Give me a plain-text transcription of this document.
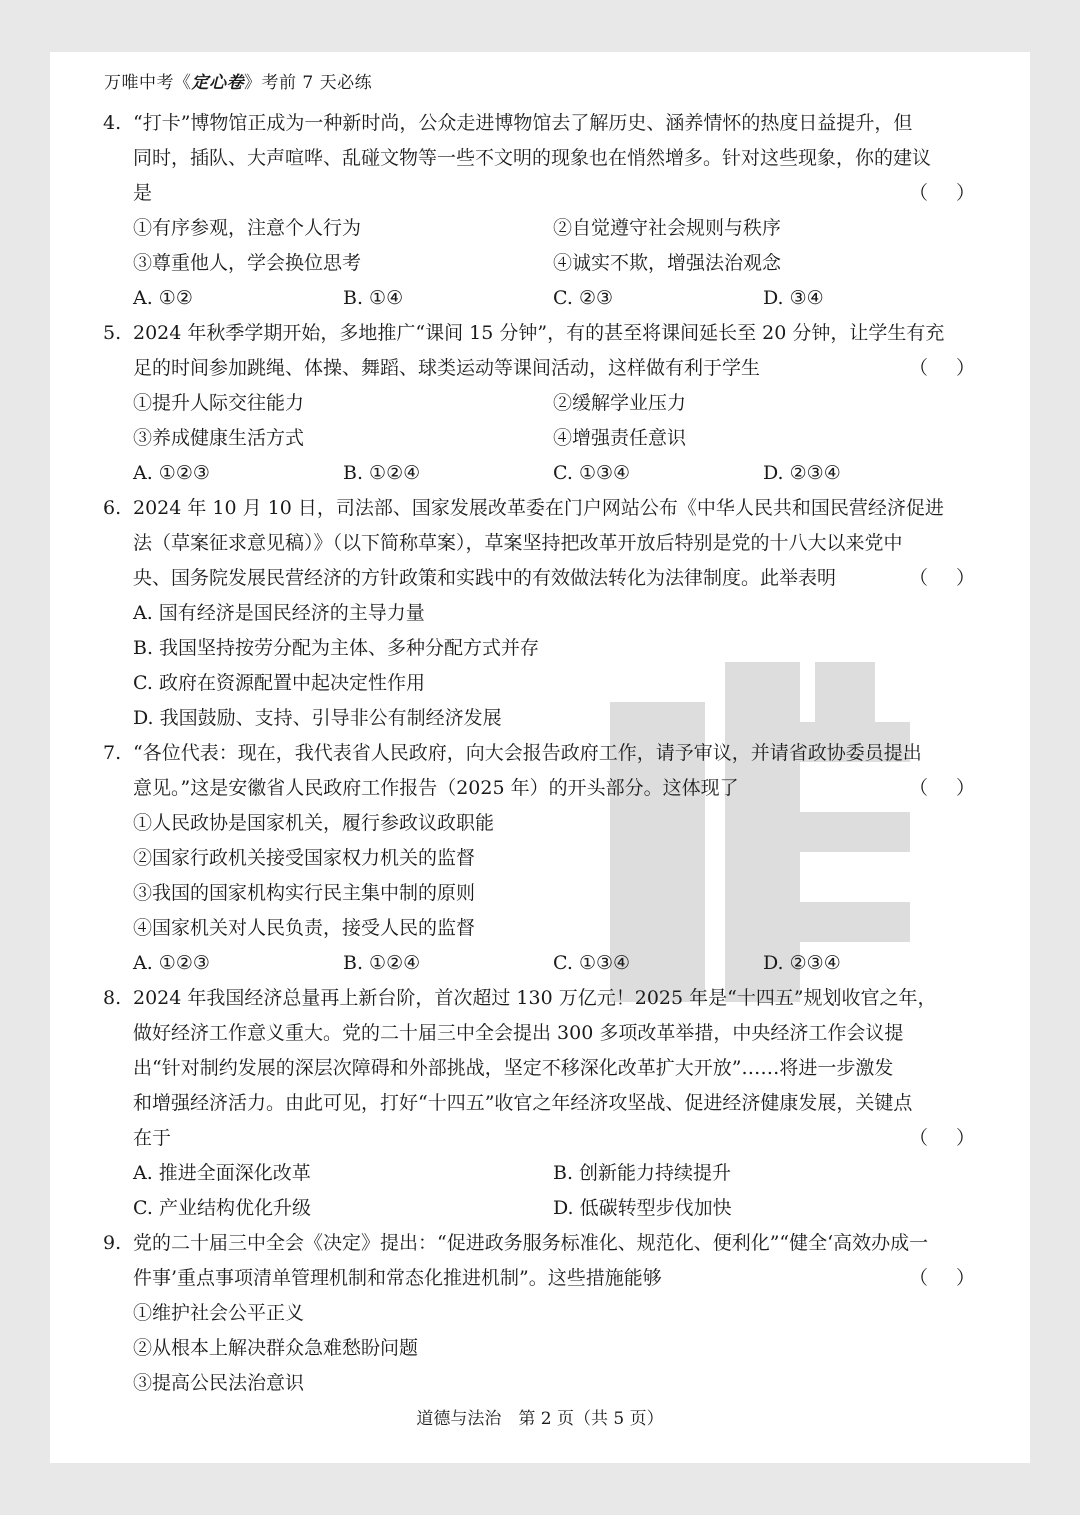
万唯中考《定心卷》考前 7 天必练
4. “打卡”博物馆正成为一种新时尚，公众走进博物馆去了解历史、涵养情怀的热度日益提升，但
同时，插队、大声喧哗、乱碰文物等一些不文明的现象也在悄然增多。针对这些现象，你的建议
是	（ ）
①有序参观，注意个人行为	②自觉遵守社会规则与秩序
③尊重他人，学会换位思考	④诚实不欺，增强法治观念
A. ①②	B. ①④	C. ②③	D. ③④
5. 2024 年秋季学期开始，多地推广“课间 15 分钟”，有的甚至将课间延长至 20 分钟，让学生有充
足的时间参加跳绳、体操、舞蹈、球类运动等课间活动，这样做有利于学生	（ ）
①提升人际交往能力	②缓解学业压力
③养成健康生活方式	④增强责任意识
A. ①②③	B. ①②④	C. ①③④	D. ②③④
6. 2024 年 10 月 10 日，司法部、国家发展改革委在门户网站公布《中华人民共和国民营经济促进
法（草案征求意见稿）》（以下简称草案），草案坚持把改革开放后特别是党的十八大以来党中
央、国务院发展民营经济的方针政策和实践中的有效做法转化为法律制度。此举表明	（ ）
A. 国有经济是国民经济的主导力量
B. 我国坚持按劳分配为主体、多种分配方式并存
C. 政府在资源配置中起决定性作用
D. 我国鼓励、支持、引导非公有制经济发展
7. “各位代表：现在，我代表省人民政府，向大会报告政府工作，请予审议，并请省政协委员提出
意见。”这是安徽省人民政府工作报告（2025 年）的开头部分。这体现了	（ ）
①人民政协是国家机关，履行参政议政职能
②国家行政机关接受国家权力机关的监督
③我国的国家机构实行民主集中制的原则
④国家机关对人民负责，接受人民的监督
A. ①②③	B. ①②④	C. ①③④	D. ②③④
8. 2024 年我国经济总量再上新台阶，首次超过 130 万亿元！2025 年是“十四五”规划收官之年，
做好经济工作意义重大。党的二十届三中全会提出 300 多项改革举措，中央经济工作会议提
出“针对制约发展的深层次障碍和外部挑战，坚定不移深化改革扩大开放”……将进一步激发
和增强经济活力。由此可见，打好“十四五”收官之年经济攻坚战、促进经济健康发展，关键点
在于	（ ）
A. 推进全面深化改革	B. 创新能力持续提升
C. 产业结构优化升级	D. 低碳转型步伐加快
9. 党的二十届三中全会《决定》提出：“促进政务服务标准化、规范化、便利化”“健全‘高效办成一
件事’重点事项清单管理机制和常态化推进机制”。这些措施能够	（ ）
①维护社会公平正义
②从根本上解决群众急难愁盼问题
③提高公民法治意识
道德与法治　第 2 页（共 5 页）
